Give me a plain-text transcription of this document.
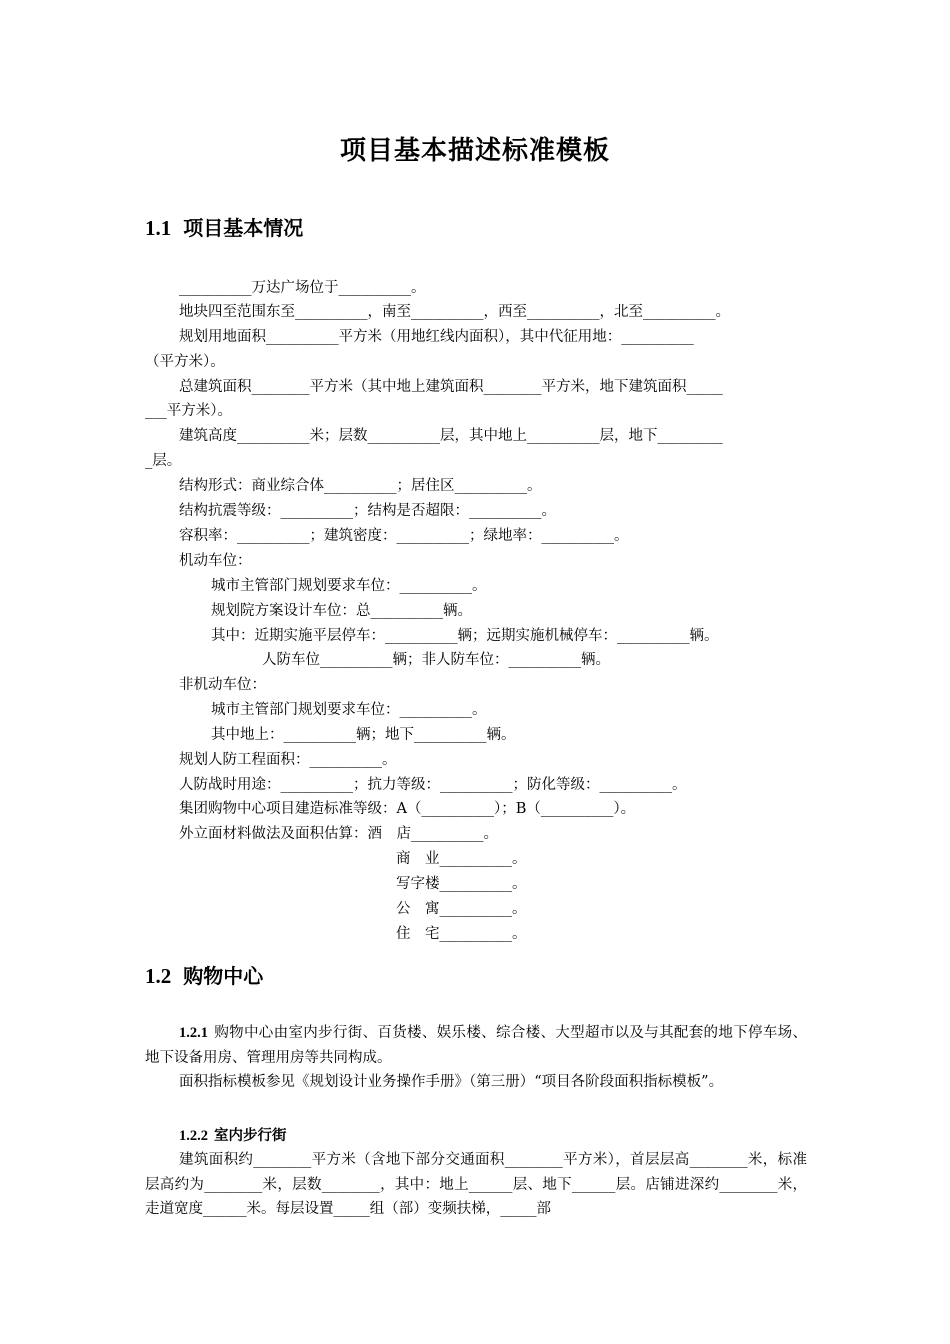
项目基本描述标准模板
1.1 项目基本情况
__________万达广场位于__________。
地块四至范围东至__________，南至__________，西至__________，北至__________。
规划用地面积__________平方米（用地红线内面积），其中代征用地：__________
（平方米）。
总建筑面积________平方米（其中地上建筑面积________平方米，地下建筑面积_____
___平方米）。
建筑高度__________米；层数__________层，其中地上__________层，地下_________
_层。
结构形式：商业综合体__________；居住区__________。
结构抗震等级：__________；结构是否超限：__________。
容积率：__________；建筑密度：__________；绿地率：__________。
机动车位：
城市主管部门规划要求车位：__________。
规划院方案设计车位：总__________辆。
其中：近期实施平层停车：__________辆；远期实施机械停车：__________辆。
人防车位__________辆；非人防车位：__________辆。
非机动车位：
城市主管部门规划要求车位：__________。
其中地上：__________辆；地下__________辆。
规划人防工程面积：__________。
人防战时用途：__________；抗力等级：__________；防化等级：__________。
集团购物中心项目建造标准等级：A（__________）；B（__________）。
外立面材料做法及面积估算：酒　店__________。
商　业__________。
写字楼__________。
公　寓__________。
住　宅__________。
1.2 购物中心

1.2.1 购物中心由室内步行街、百货楼、娱乐楼、综合楼、大型超市以及与其配套的地下停车场、地下设备用房、管理用房等共同构成。

面积指标模板参见《规划设计业务操作手册》（第三册）“项目各阶段面积指标模板”。

1.2.2 室内步行街

建筑面积约________平方米（含地下部分交通面积________平方米），首层层高________米，标准层高约为________米，层数________，其中：地上______层、地下______层。店铺进深约________米，走道宽度______米。每层设置_____组（部）变频扶梯，_____部
